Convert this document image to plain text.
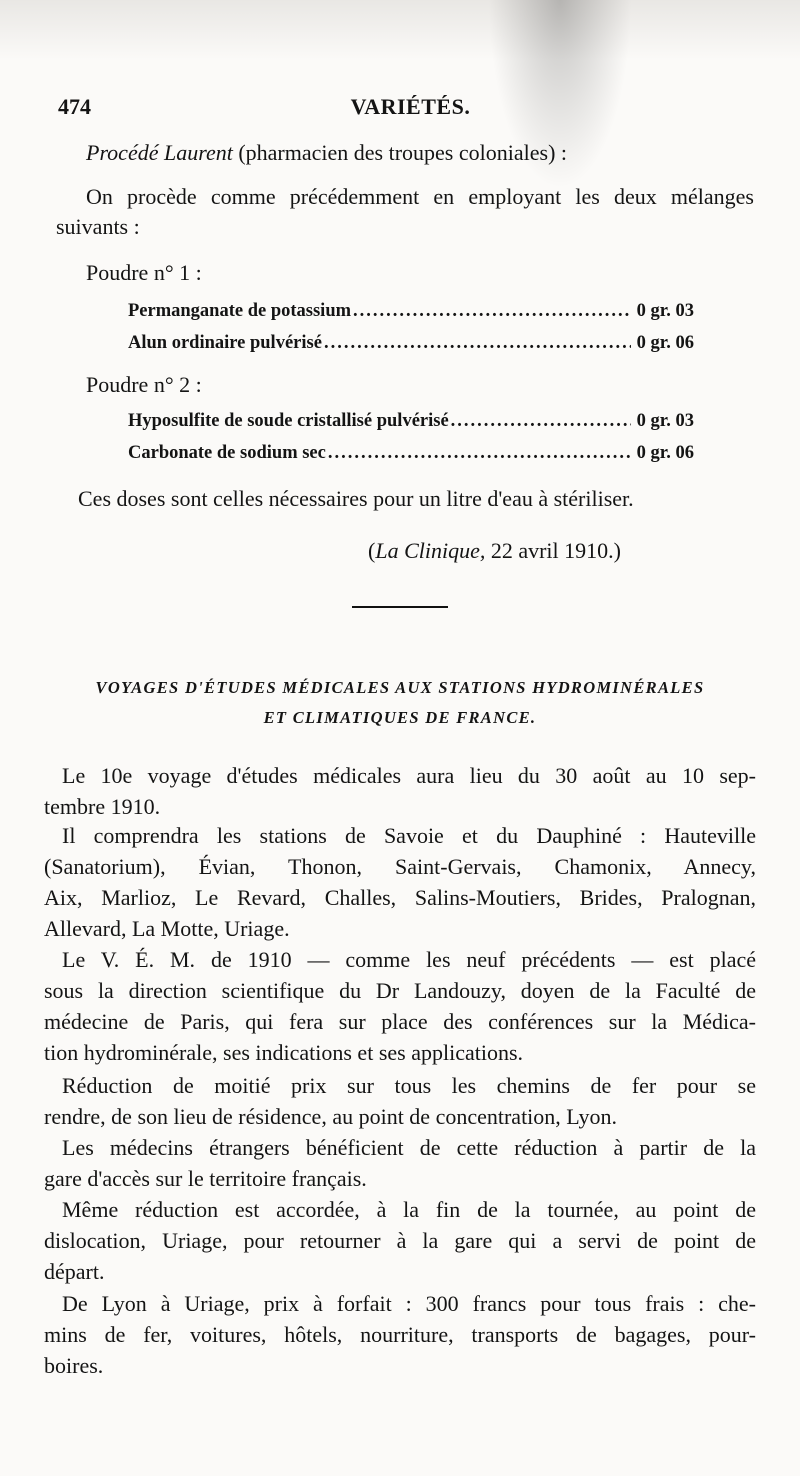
474	VARIÉTÉS.
Procédé Laurent (pharmacien des troupes coloniales) :
On procède comme précédemment en employant les deux mélanges
suivants :
Poudre n° 1 :
Permanganate de potassium .....	0 gr. 03
Alun ordinaire pulvérisé .....	0 gr. 06
Poudre n° 2 :
Hyposulfite de soude cristallisé pulvérisé .....	0 gr. 03
Carbonate de sodium sec .....	0 gr. 06
Ces doses sont celles nécessaires pour un litre d'eau à stériliser.
(La Clinique, 22 avril 1910.)
VOYAGES D'ÉTUDES MÉDICALES AUX STATIONS HYDROMINÉRALES
ET CLIMATIQUES DE FRANCE.
Le 10e voyage d'études médicales aura lieu du 30 août au 10 sep-
tembre 1910.
Il comprendra les stations de Savoie et du Dauphiné : Hauteville
(Sanatorium), Évian, Thonon, Saint-Gervais, Chamonix, Annecy,
Aix, Marlioz, Le Revard, Challes, Salins-Moutiers, Brides, Pralognan,
Allevard, La Motte, Uriage.
Le V. É. M. de 1910 — comme les neuf précédents — est placé
sous la direction scientifique du Dr Landouzy, doyen de la Faculté de
médecine de Paris, qui fera sur place des conférences sur la Médica-
tion hydrominérale, ses indications et ses applications.
Réduction de moitié prix sur tous les chemins de fer pour se
rendre, de son lieu de résidence, au point de concentration, Lyon.
Les médecins étrangers bénéficient de cette réduction à partir de la
gare d'accès sur le territoire français.
Même réduction est accordée, à la fin de la tournée, au point de
dislocation, Uriage, pour retourner à la gare qui a servi de point de
départ.
De Lyon à Uriage, prix à forfait : 300 francs pour tous frais : che-
mins de fer, voitures, hôtels, nourriture, transports de bagages, pour-
boires.
